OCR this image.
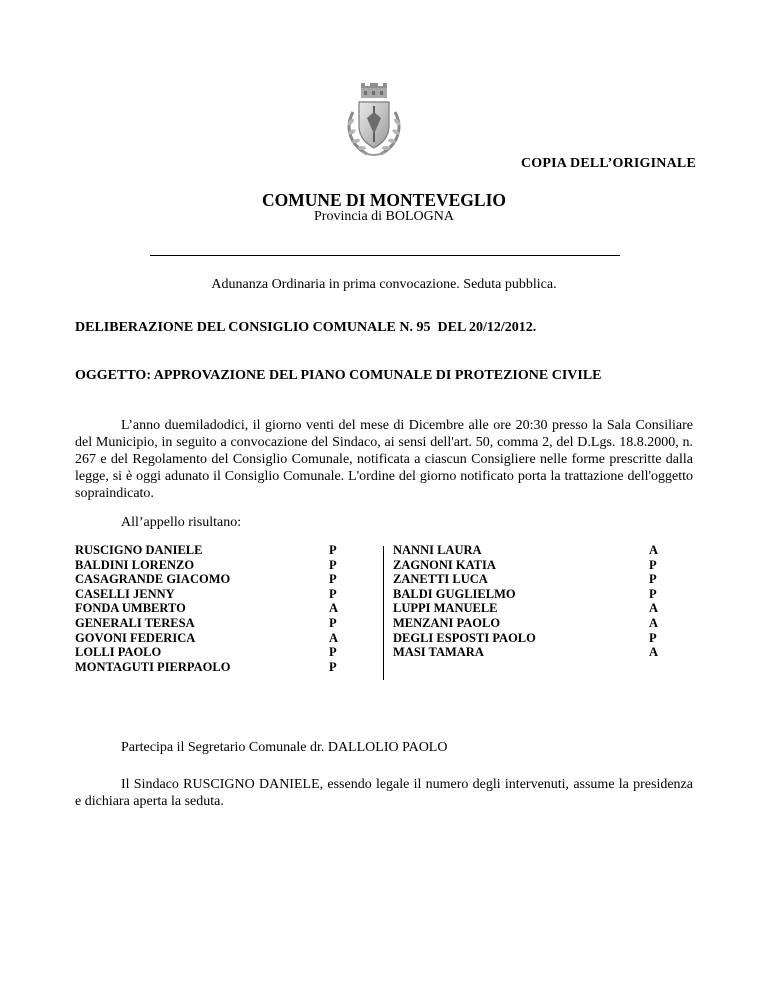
COPIA DELL’ORIGINALE
COMUNE DI MONTEVEGLIO
Provincia di BOLOGNA
Adunanza Ordinaria in prima convocazione. Seduta pubblica.
DELIBERAZIONE DEL CONSIGLIO COMUNALE N. 95  DEL 20/12/2012.
OGGETTO: APPROVAZIONE DEL PIANO COMUNALE DI PROTEZIONE CIVILE
L’anno duemiladodici, il giorno venti del mese di Dicembre alle ore 20:30 presso la Sala Consiliare del Municipio, in seguito a convocazione del Sindaco, ai sensi dell'art. 50, comma 2, del D.Lgs. 18.8.2000, n. 267 e del Regolamento del Consiglio Comunale, notificata a ciascun Consigliere nelle forme prescritte dalla legge, si è oggi adunato il Consiglio Comunale. L'ordine del giorno notificato porta la trattazione dell'oggetto sopraindicato.
All’appello risultano:
RUSCIGNO DANIELE
BALDINI LORENZO
CASAGRANDE GIACOMO
CASELLI JENNY
FONDA UMBERTO
GENERALI TERESA
GOVONI FEDERICA
LOLLI PAOLO
MONTAGUTI PIERPAOLO
P
P
P
P
A
P
A
P
P
NANNI LAURA
ZAGNONI KATIA
ZANETTI LUCA
BALDI GUGLIELMO
LUPPI MANUELE
MENZANI PAOLO
DEGLI ESPOSTI PAOLO
MASI TAMARA
A
P
P
P
A
A
P
A
Partecipa il Segretario Comunale dr. DALLOLIO PAOLO
Il Sindaco RUSCIGNO DANIELE, essendo legale il numero degli intervenuti, assume la presidenza e dichiara aperta la seduta.
